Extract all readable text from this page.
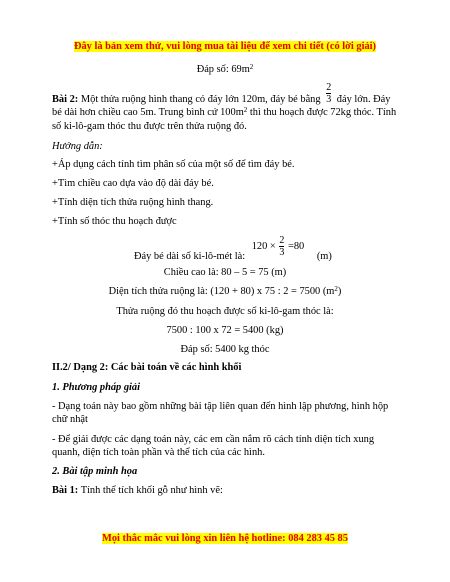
Đây là bản xem thử, vui lòng mua tài liệu để xem chi tiết (có lời giải)
Đáp số: $69m^2$
Bài 2: Một thửa ruộng hình thang có đáy lớn 120m, đáy bé bằng $\frac{2}{3}$ đáy lớn. Đáy
bé dài hơn chiều cao 5m. Trung bình cứ $100m^2$ thì thu hoạch được 72kg thóc. Tính
số ki-lô-gam thóc thu được trên thửa ruộng đó.
Hướng dẫn:
+Áp dụng cách tính tìm phân số của một số để tìm đáy bé.
+Tìm chiều cao dựa vào độ dài đáy bé.
+Tính diện tích thửa ruộng hình thang.
+Tính số thóc thu hoạch được
Đáy bé dài số ki-lô-mét là: $120 \times \frac{2}{3} =80$ (m)
Chiều cao là: 80 – 5 = 75 (m)
Diện tích thửa ruộng là: (120 + 80) x 75 : 2 = 7500 $(m^2)$
Thửa ruộng đó thu hoạch được số ki-lô-gam thóc là:
7500 : 100 x 72 = 5400 (kg)
Đáp số: 5400 kg thóc
II.2/ Dạng 2: Các bài toán về các hình khối
1. Phương pháp giải
- Dạng toán này bao gồm những bài tập liên quan đến hình lập phương, hình hộp chữ nhật
- Để giải được các dạng toán này, các em cần nắm rõ cách tính diện tích xung quanh, diện tích toàn phần và thể tích của các hình.
2. Bài tập minh họa
Bài 1: Tính thể tích khối gỗ như hình vẽ:
Mọi thắc mắc vui lòng xin liên hệ hotline: 084 283 45 85
